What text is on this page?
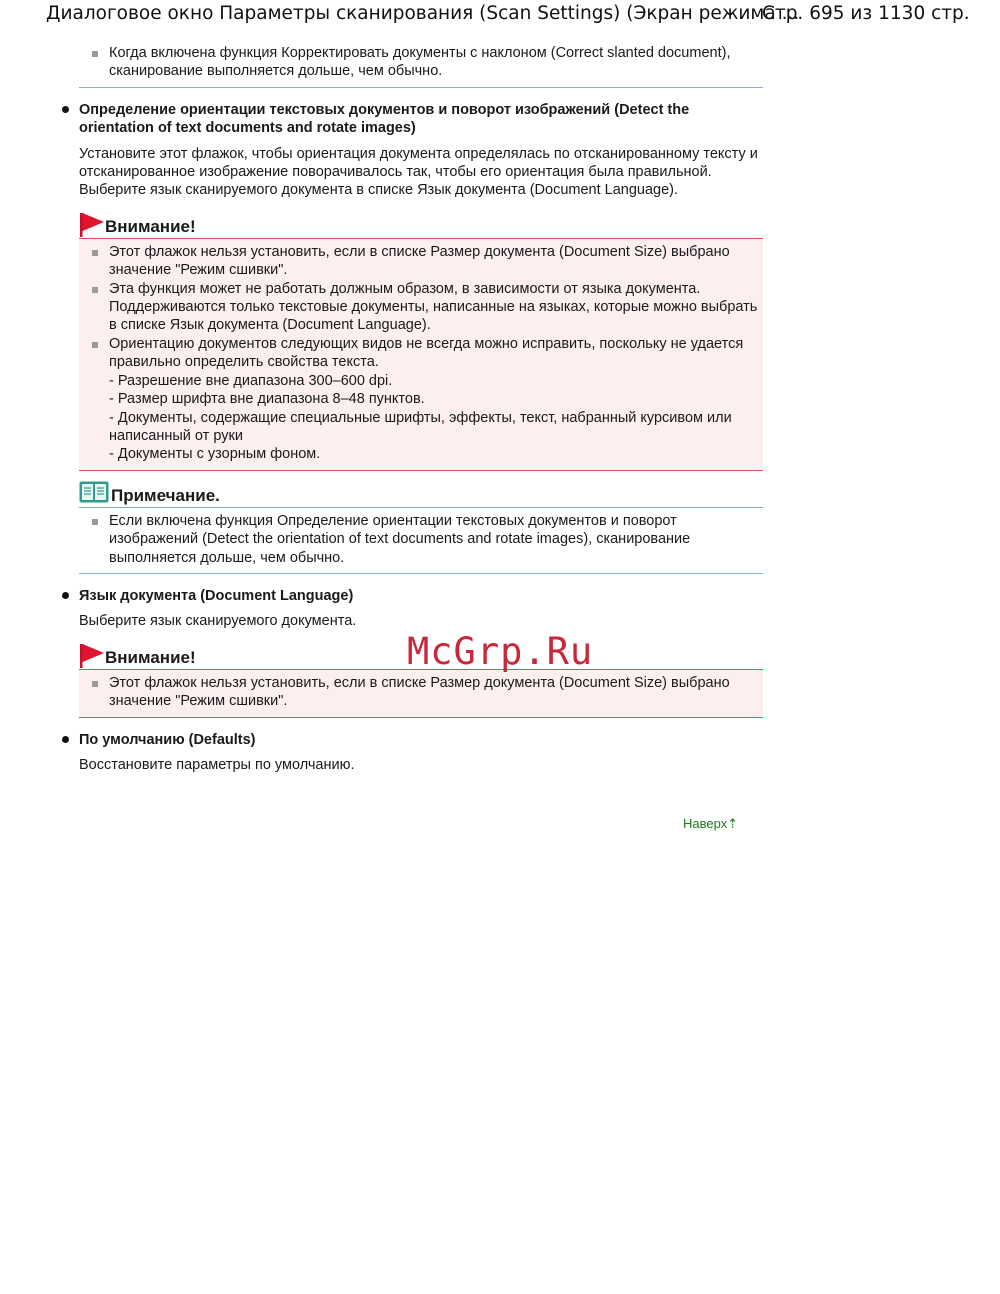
Диалоговое окно Параметры сканирования (Scan Settings) (Экран режима ...
Стр. 695 из 1130 стр.
Когда включена функция Корректировать документы с наклоном (Correct slanted document), сканирование выполняется дольше, чем обычно.

Определение ориентации текстовых документов и поворот изображений (Detect the orientation of text documents and rotate images)

Установите этот флажок, чтобы ориентация документа определялась по отсканированному тексту и отсканированное изображение поворачивалось так, чтобы его ориентация была правильной. Выберите язык сканируемого документа в списке Язык документа (Document Language).

Внимание!
Этот флажок нельзя установить, если в списке Размер документа (Document Size) выбрано значение "Режим сшивки".
Эта функция может не работать должным образом, в зависимости от языка документа. Поддерживаются только текстовые документы, написанные на языках, которые можно выбрать в списке Язык документа (Document Language).
Ориентацию документов следующих видов не всегда можно исправить, поскольку не удается правильно определить свойства текста.
- Разрешение вне диапазона 300–600 dpi.
- Размер шрифта вне диапазона 8–48 пунктов.
- Документы, содержащие специальные шрифты, эффекты, текст, набранный курсивом или написанный от руки
- Документы с узорным фоном.
Примечание.
Если включена функция Определение ориентации текстовых документов и поворот изображений (Detect the orientation of text documents and rotate images), сканирование выполняется дольше, чем обычно.

Язык документа (Document Language)

Выберите язык сканируемого документа.

Внимание!
Этот флажок нельзя установить, если в списке Размер документа (Document Size) выбрано значение "Режим сшивки".

По умолчанию (Defaults)

Восстановите параметры по умолчанию.

McGrp.Ru
Наверх⇡
